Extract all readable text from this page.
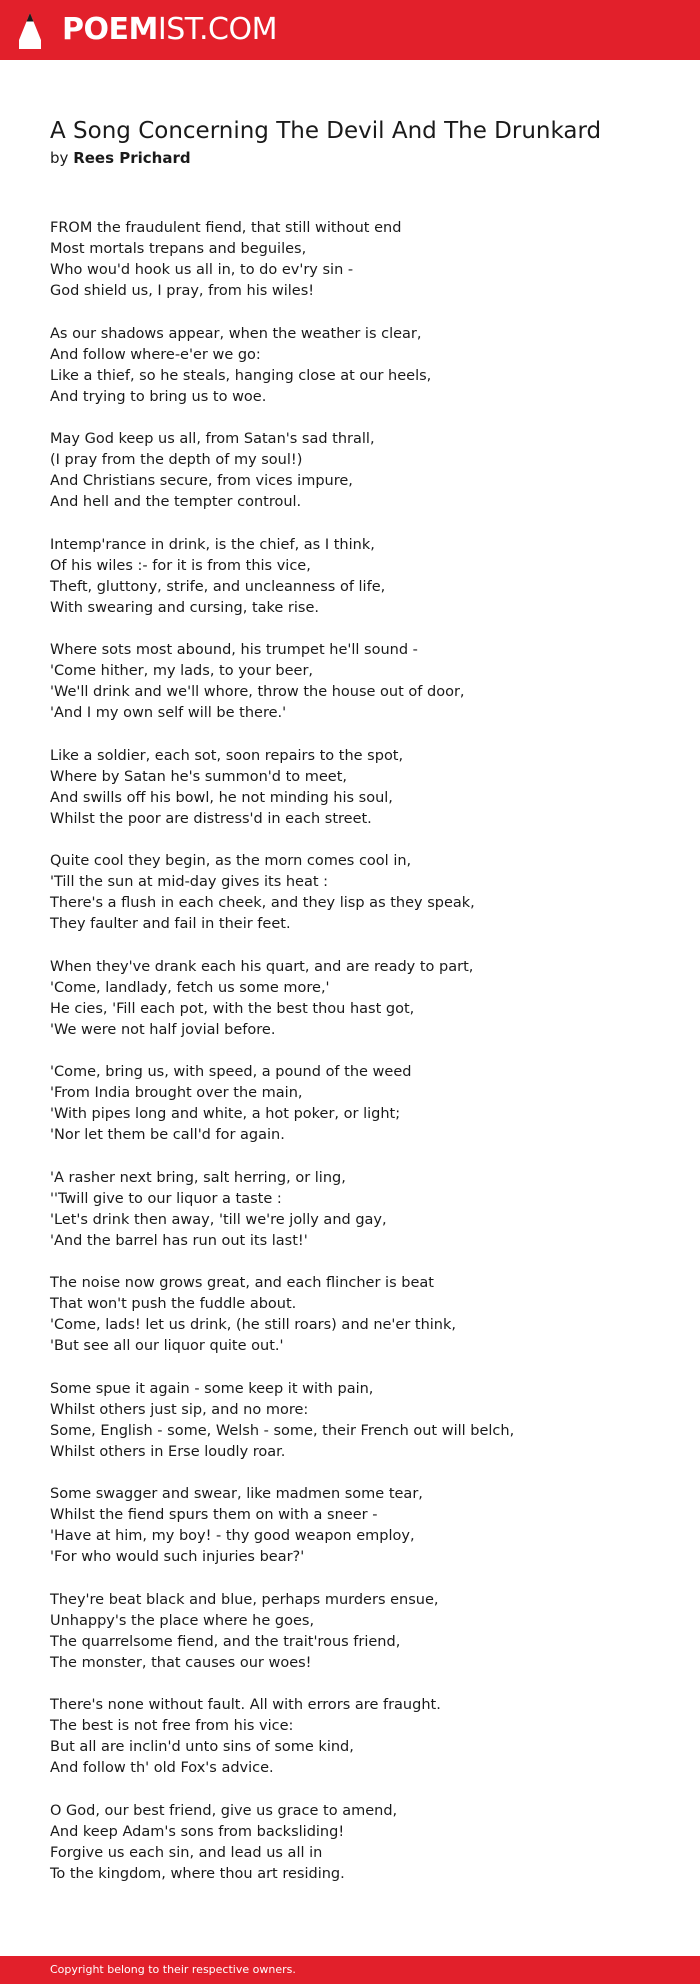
POEMIST.COM
A Song Concerning The Devil And The Drunkard
by Rees Prichard
FROM the fraudulent fiend, that still without end
Most mortals trepans and beguiles,
Who wou'd hook us all in, to do ev'ry sin -
God shield us, I pray, from his wiles!
As our shadows appear, when the weather is clear,
And follow where-e'er we go:
Like a thief, so he steals, hanging close at our heels,
And trying to bring us to woe.
May God keep us all, from Satan's sad thrall,
(I pray from the depth of my soul!)
And Christians secure, from vices impure,
And hell and the tempter controul.
Intemp'rance in drink, is the chief, as I think,
Of his wiles :- for it is from this vice,
Theft, gluttony, strife, and uncleanness of life,
With swearing and cursing, take rise.
Where sots most abound, his trumpet he'll sound -
'Come hither, my lads, to your beer,
'We'll drink and we'll whore, throw the house out of door,
'And I my own self will be there.'
Like a soldier, each sot, soon repairs to the spot,
Where by Satan he's summon'd to meet,
And swills off his bowl, he not minding his soul,
Whilst the poor are distress'd in each street.
Quite cool they begin, as the morn comes cool in,
'Till the sun at mid-day gives its heat :
There's a flush in each cheek, and they lisp as they speak,
They faulter and fail in their feet.
When they've drank each his quart, and are ready to part,
'Come, landlady, fetch us some more,'
He cies, 'Fill each pot, with the best thou hast got,
'We were not half jovial before.
'Come, bring us, with speed, a pound of the weed
'From India brought over the main,
'With pipes long and white, a hot poker, or light;
'Nor let them be call'd for again.
'A rasher next bring, salt herring, or ling,
''Twill give to our liquor a taste :
'Let's drink then away, 'till we're jolly and gay,
'And the barrel has run out its last!'
The noise now grows great, and each flincher is beat
That won't push the fuddle about.
'Come, lads! let us drink, (he still roars) and ne'er think,
'But see all our liquor quite out.'
Some spue it again - some keep it with pain,
Whilst others just sip, and no more:
Some, English - some, Welsh - some, their French out will belch,
Whilst others in Erse loudly roar.
Some swagger and swear, like madmen some tear,
Whilst the fiend spurs them on with a sneer -
'Have at him, my boy! - thy good weapon employ,
'For who would such injuries bear?'
They're beat black and blue, perhaps murders ensue,
Unhappy's the place where he goes,
The quarrelsome fiend, and the trait'rous friend,
The monster, that causes our woes!
There's none without fault. All with errors are fraught.
The best is not free from his vice:
But all are inclin'd unto sins of some kind,
And follow th' old Fox's advice.
O God, our best friend, give us grace to amend,
And keep Adam's sons from backsliding!
Forgive us each sin, and lead us all in
To the kingdom, where thou art residing.
Copyright belong to their respective owners.
